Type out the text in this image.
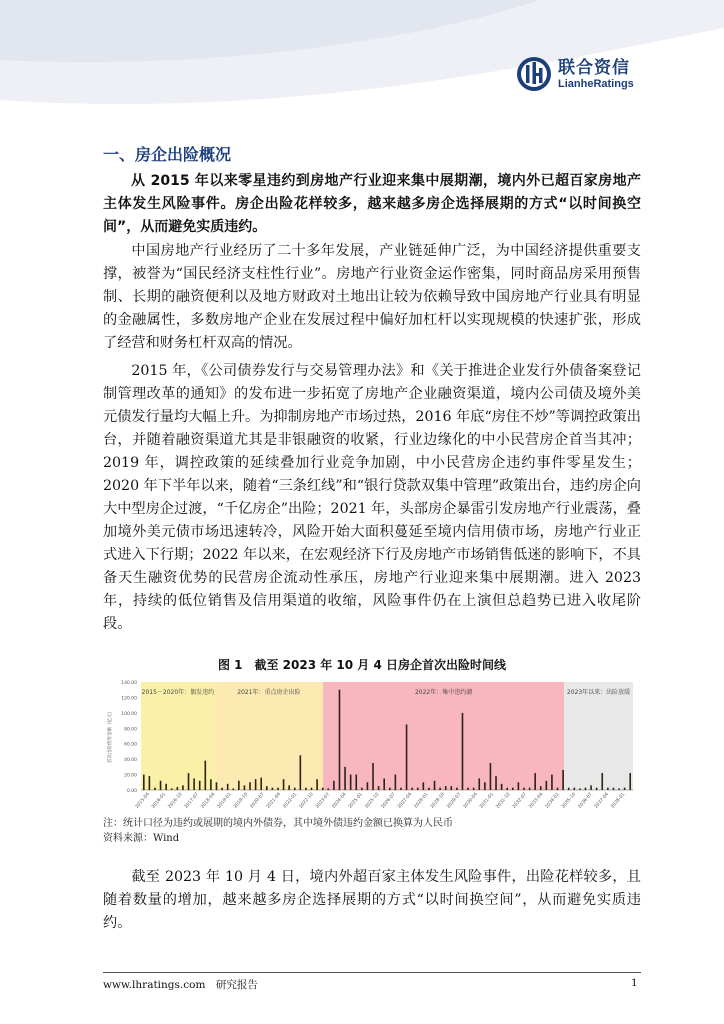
联合资信
LianheRatings
一、房企出险概况
从 2015 年以来零星违约到房地产行业迎来集中展期潮，境内外已超百家房地产主体发生风险事件。房企出险花样较多，越来越多房企选择展期的方式“以时间换空间”，从而避免实质违约。
中国房地产行业经历了二十多年发展，产业链延伸广泛，为中国经济提供重要支撑，被誉为“国民经济支柱性行业”。房地产行业资金运作密集，同时商品房采用预售制、长期的融资便利以及地方财政对土地出让较为依赖导致中国房地产行业具有明显的金融属性，多数房地产企业在发展过程中偏好加杠杆以实现规模的快速扩张，形成了经营和财务杠杆双高的情况。
2015 年，《公司债券发行与交易管理办法》和《关于推进企业发行外债备案登记制管理改革的通知》的发布进一步拓宽了房地产企业融资渠道，境内公司债及境外美元债发行量均大幅上升。为抑制房地产市场过热，2016 年底“房住不炒”等调控政策出台，并随着融资渠道尤其是非银融资的收紧，行业边缘化的中小民营房企首当其冲；2019 年，调控政策的延续叠加行业竞争加剧，中小民营房企违约事件零星发生；2020 年下半年以来，随着“三条红线”和“银行贷款双集中管理”政策出台，违约房企向大中型房企过渡，“千亿房企”出险；2021 年，头部房企暴雷引发房地产行业震荡，叠加境外美元债市场迅速转冷，风险开始大面积蔓延至境内信用债市场，房地产行业正式进入下行期；2022 年以来，在宏观经济下行及房地产市场销售低迷的影响下，不具备天生融资优势的民营房企流动性承压，房地产行业迎来集中展期潮。进入 2023 年，持续的低位销售及信用渠道的收缩，风险事件仍在上演但总趋势已进入收尾阶段。
图 1　截至 2023 年 10 月 4 日房企首次出险时间线
2015－2020年：偶发违约	2021年：重点房企出险	2022年：集中违约潮	2023年以来：出险放缓
0.00
20.00
40.00
60.00
80.00
100.00
120.00
140.00
首次出险债券金额（亿元）
2015-04 2016-01 2016-10 2017-07 2018-04 2019-01 2019-10 2020-07 2021-04 2022-01 2022-10 2023-07 2024-04 2025-01 2025-10 2026-07 2027-04 2028-01 2028-10 2029-07 2030-04 2031-01 2031-10 2032-07 2033-04 2034-01 2035-10 2036-07 2037-04 2038-01
注：统计口径为违约或展期的境内外债券，其中境外债违约金额已换算为人民币
资料来源：Wind
截至 2023 年 10 月 4 日，境内外超百家主体发生风险事件，出险花样较多，且随着数量的增加，越来越多房企选择展期的方式“以时间换空间”，从而避免实质违约。
www.lhratings.com　研究报告	1
